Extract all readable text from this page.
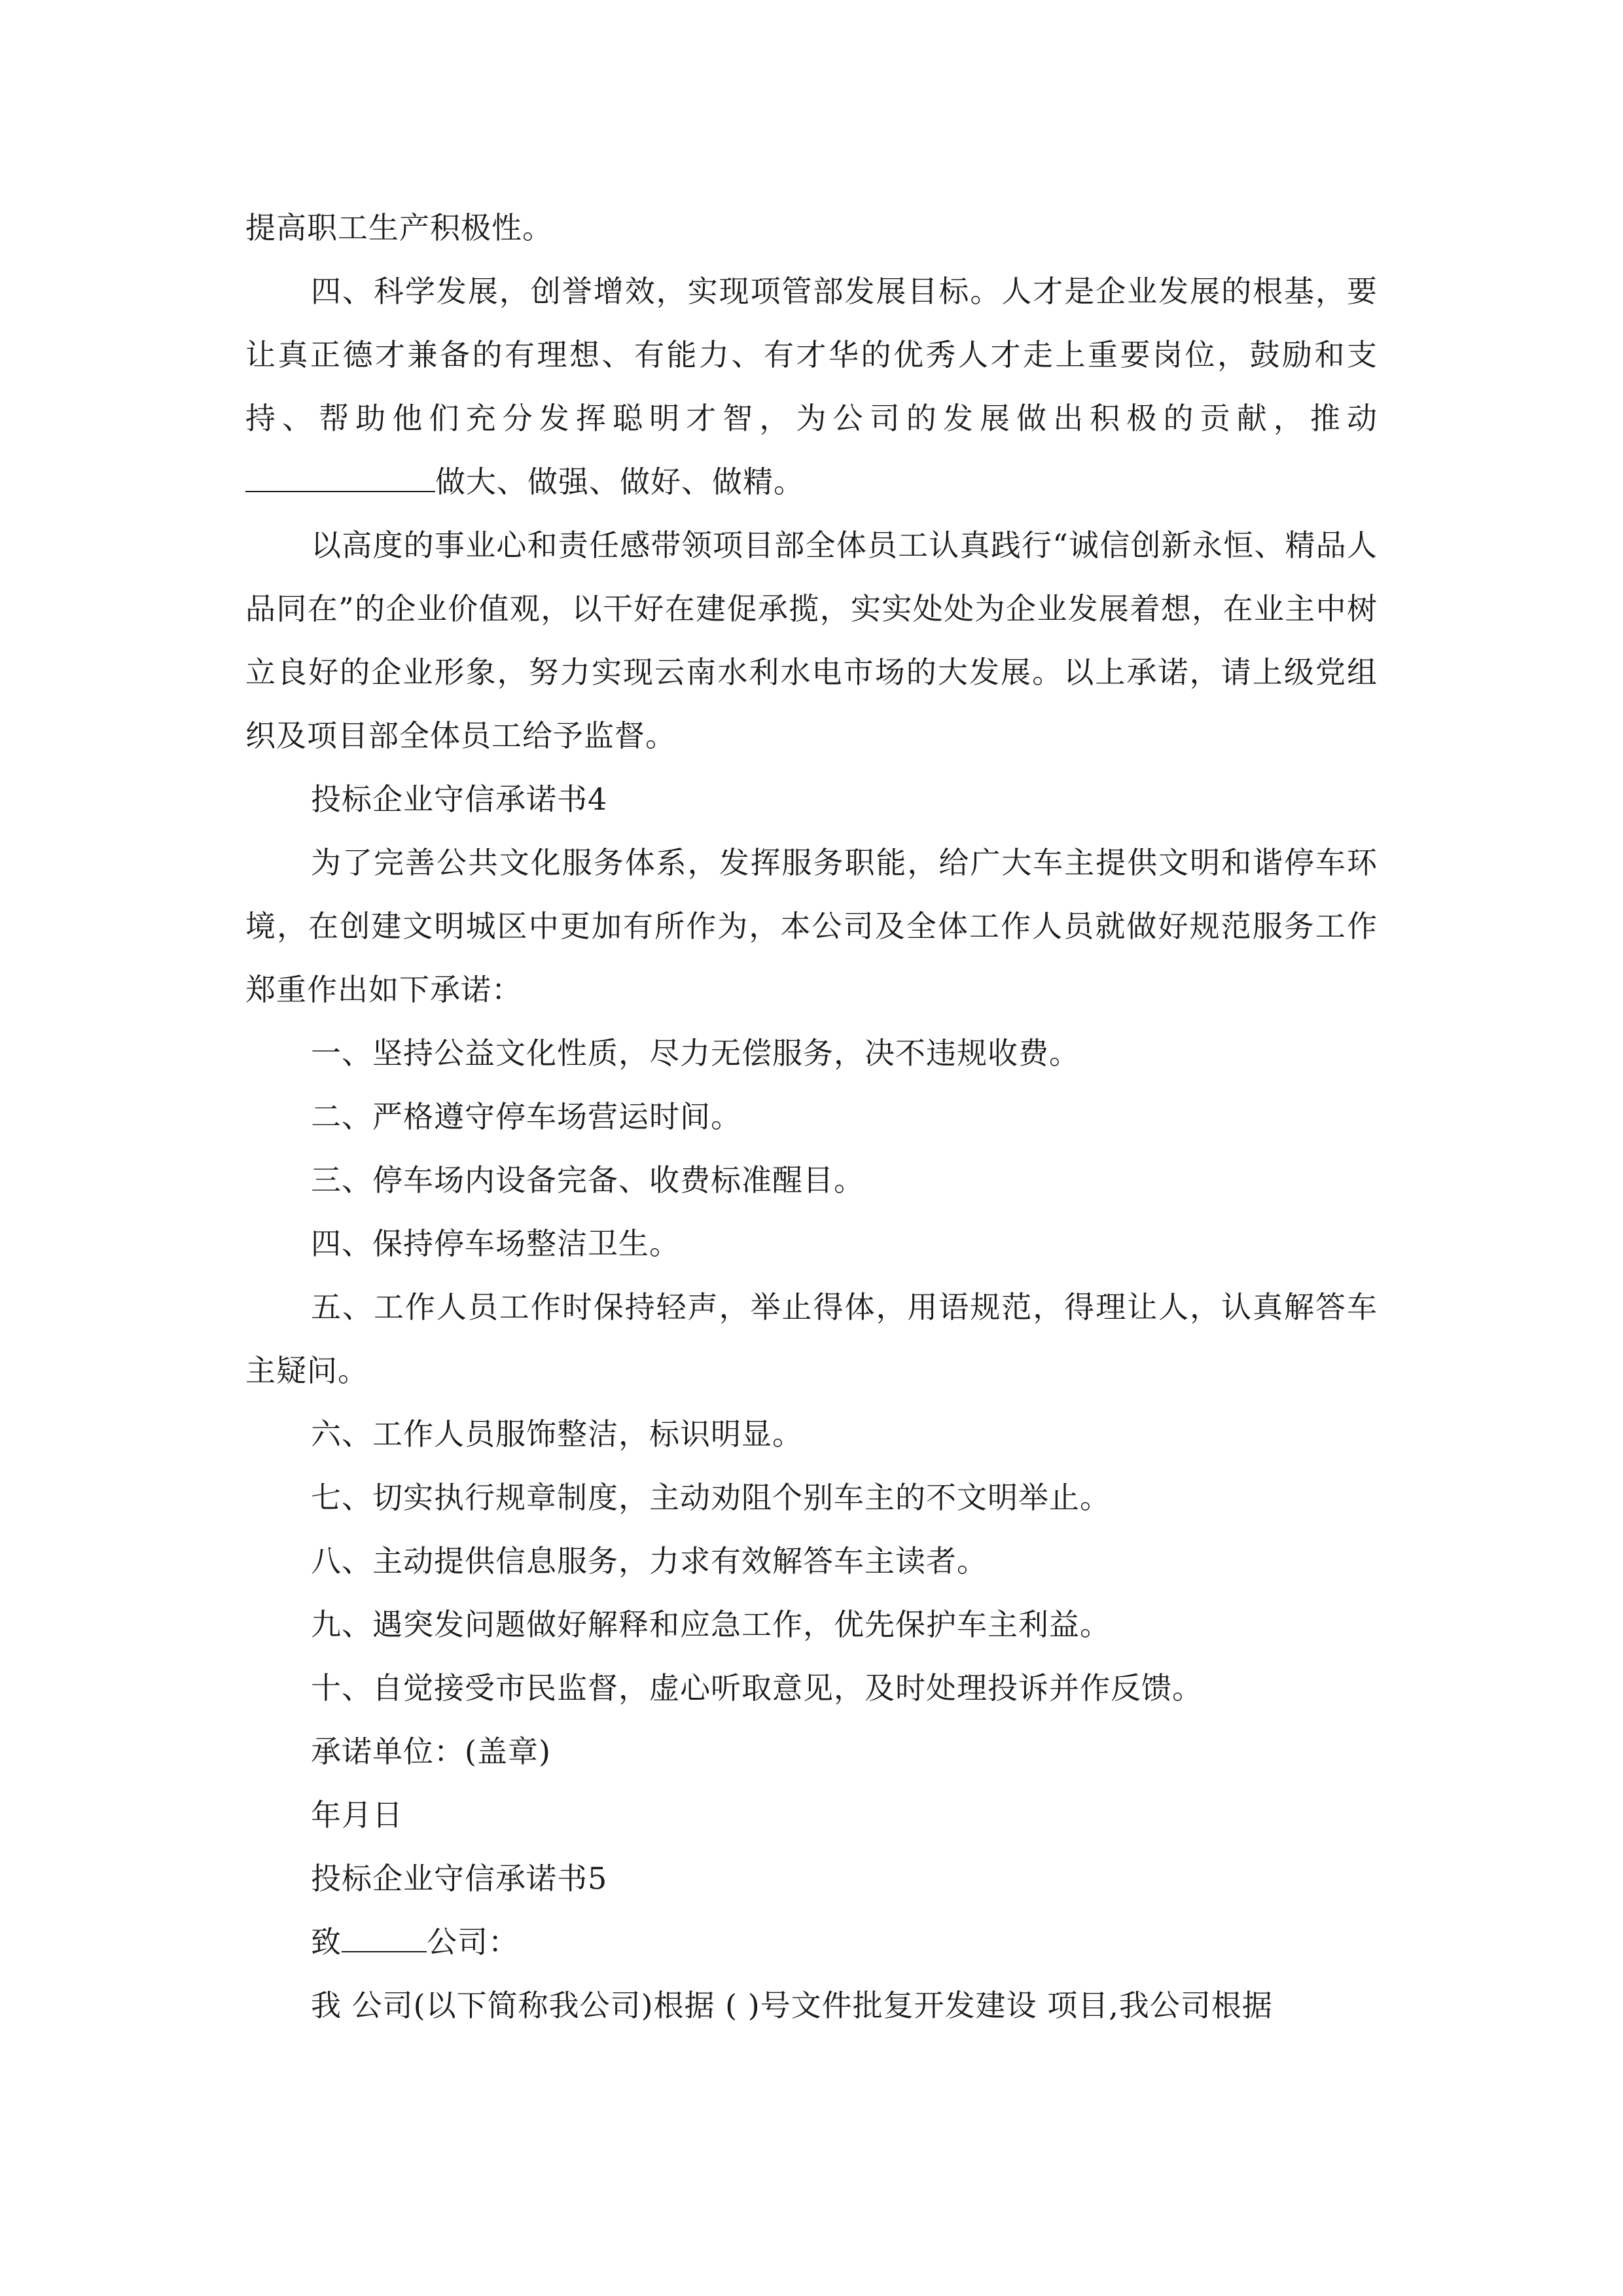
提高职工生产积极性。

四、科学发展，创誉增效，实现项管部发展目标。人才是企业发展的根基，要让真正德才兼备的有理想、有能力、有才华的优秀人才走上重要岗位，鼓励和支持、帮助他们充分发挥聪明才智，为公司的发展做出积极的贡献，推动做大、做强、做好、做精。

以高度的事业心和责任感带领项目部全体员工认真践行“诚信创新永恒、精品人品同在”的企业价值观，以干好在建促承揽，实实处处为企业发展着想，在业主中树立良好的企业形象，努力实现云南水利水电市场的大发展。以上承诺，请上级党组织及项目部全体员工给予监督。

投标企业守信承诺书4

为了完善公共文化服务体系，发挥服务职能，给广大车主提供文明和谐停车环境，在创建文明城区中更加有所作为，本公司及全体工作人员就做好规范服务工作郑重作出如下承诺：

一、坚持公益文化性质，尽力无偿服务，决不违规收费。

二、严格遵守停车场营运时间。

三、停车场内设备完备、收费标准醒目。

四、保持停车场整洁卫生。

五、工作人员工作时保持轻声，举止得体，用语规范，得理让人，认真解答车主疑问。

六、工作人员服饰整洁，标识明显。

七、切实执行规章制度，主动劝阻个别车主的不文明举止。

八、主动提供信息服务，力求有效解答车主读者。

九、遇突发问题做好解释和应急工作，优先保护车主利益。

十、自觉接受市民监督，虚心听取意见，及时处理投诉并作反馈。

承诺单位：(盖章)

年月日

投标企业守信承诺书5

致	公司：

我 公司(以下简称我公司)根据 ( )号文件批复开发建设 项目,我公司根据
